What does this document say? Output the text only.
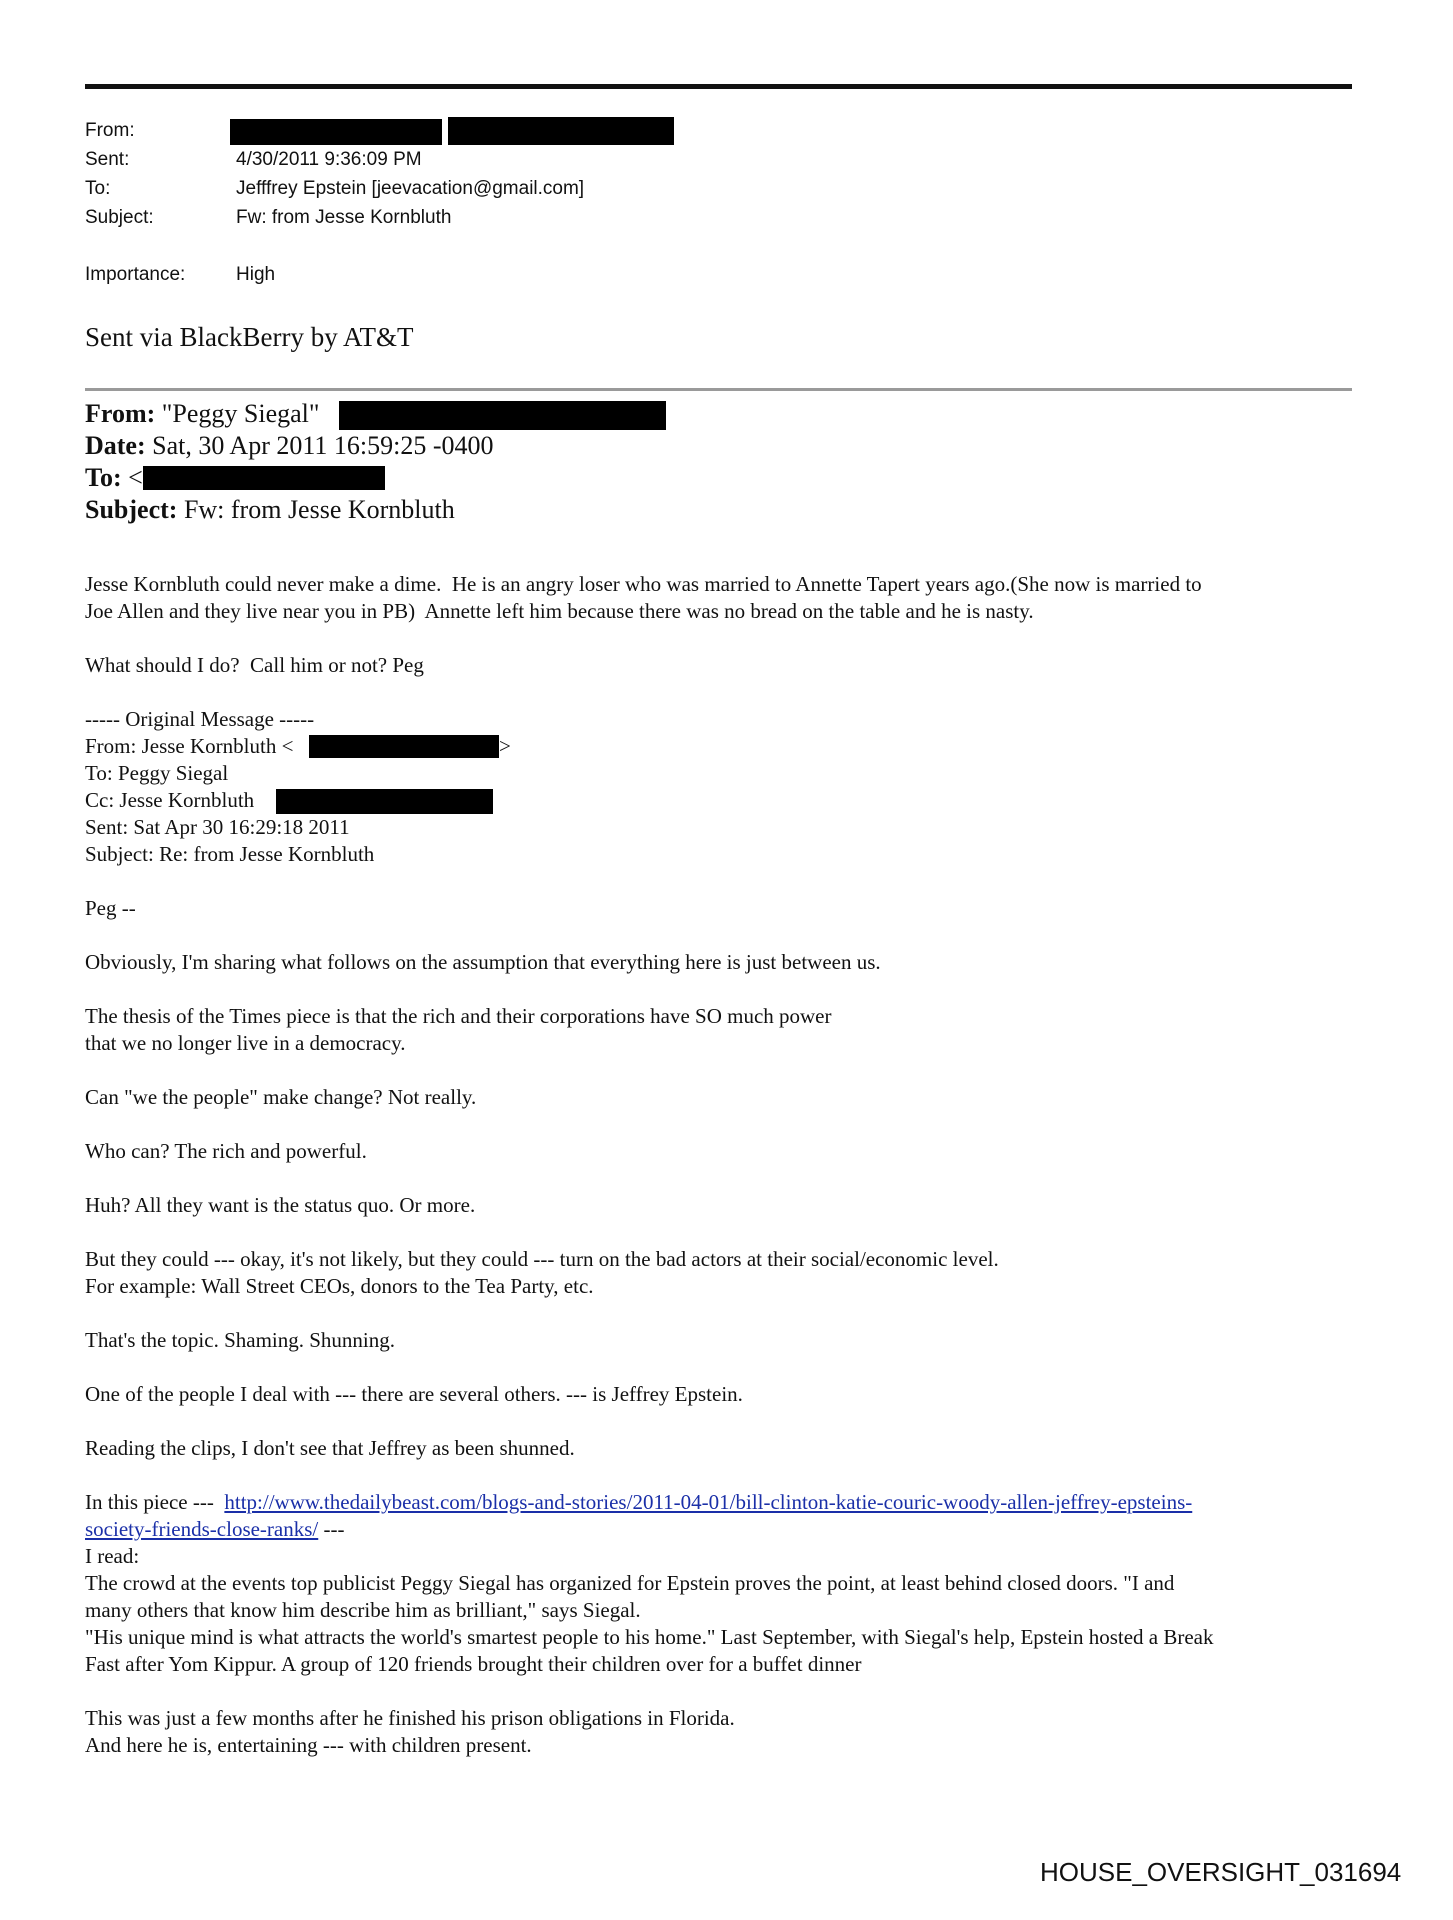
From:
Sent:	4/30/2011 9:36:09 PM
To:	Jefffrey Epstein [jeevacation@gmail.com]
Subject:	Fw: from Jesse Kornbluth
Importance:	High
Sent via BlackBerry by AT&T
From: "Peggy Siegal"
Date: Sat, 30 Apr 2011 16:59:25 -0400
To: <
Subject: Fw: from Jesse Kornbluth
Jesse Kornbluth could never make a dime.  He is an angry loser who was married to Annette Tapert years ago.(She now is married to
Joe Allen and they live near you in PB)  Annette left him because there was no bread on the table and he is nasty.
What should I do?  Call him or not? Peg
----- Original Message -----
From: Jesse Kornbluth <	>
To: Peggy Siegal
Cc: Jesse Kornbluth
Sent: Sat Apr 30 16:29:18 2011
Subject: Re: from Jesse Kornbluth
Peg --
Obviously, I'm sharing what follows on the assumption that everything here is just between us.
The thesis of the Times piece is that the rich and their corporations have SO much power
that we no longer live in a democracy.
Can "we the people" make change? Not really.
Who can? The rich and powerful.
Huh? All they want is the status quo. Or more.
But they could --- okay, it's not likely, but they could --- turn on the bad actors at their social/economic level.
For example: Wall Street CEOs, donors to the Tea Party, etc.
That's the topic. Shaming. Shunning.
One of the people I deal with --- there are several others. --- is Jeffrey Epstein.
Reading the clips, I don't see that Jeffrey as been shunned.
In this piece ---  http://www.thedailybeast.com/blogs-and-stories/2011-04-01/bill-clinton-katie-couric-woody-allen-jeffrey-epsteins-
society-friends-close-ranks/ ---
I read:
The crowd at the events top publicist Peggy Siegal has organized for Epstein proves the point, at least behind closed doors. "I and
many others that know him describe him as brilliant," says Siegal.
"His unique mind is what attracts the world's smartest people to his home." Last September, with Siegal's help, Epstein hosted a Break
Fast after Yom Kippur. A group of 120 friends brought their children over for a buffet dinner
This was just a few months after he finished his prison obligations in Florida.
And here he is, entertaining --- with children present.
HOUSE_OVERSIGHT_031694
